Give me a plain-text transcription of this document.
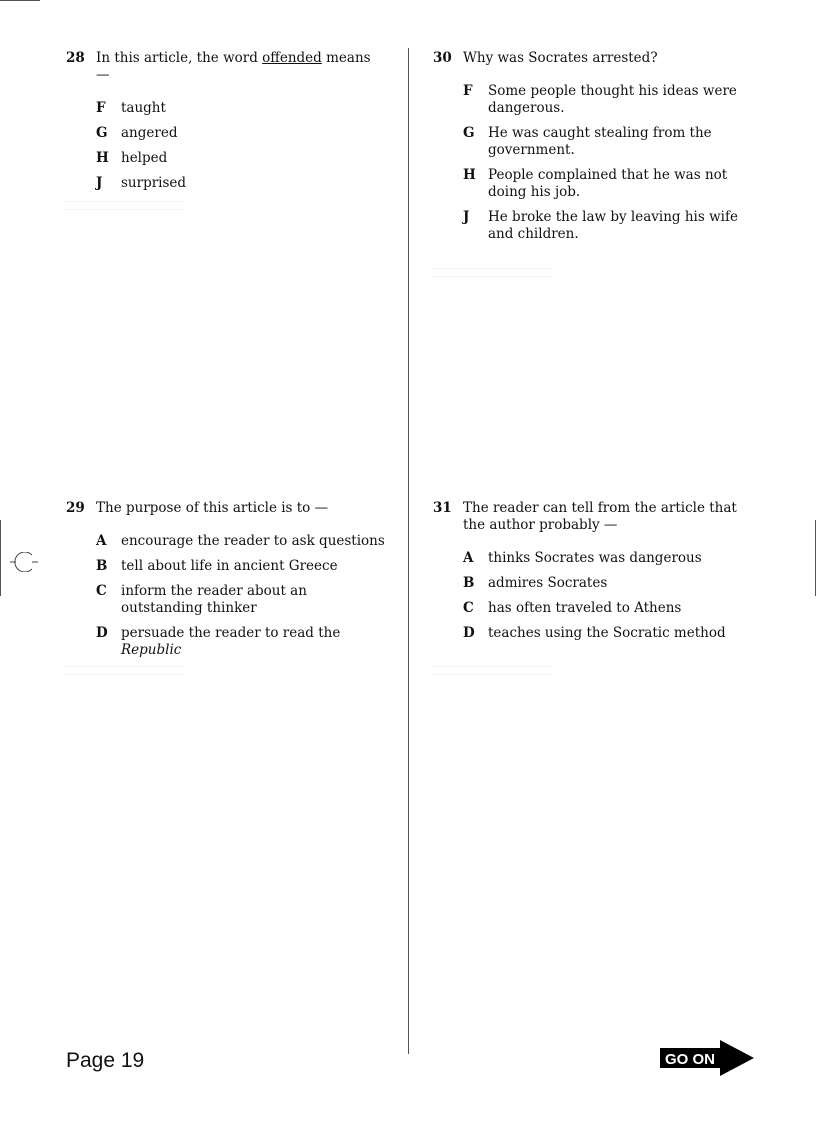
28 In this article, the word offended means —
F	taught
G angered
H helped
J	surprised
30 Why was Socrates arrested?
F	Some people thought his ideas were dangerous.
G He was caught stealing from the government.
H People complained that he was not doing his job.
J	He broke the law by leaving his wife and children.
29 The purpose of this article is to —
A	encourage the reader to ask questions
B	tell about life in ancient Greece
C	inform the reader about an outstanding thinker
D persuade the reader to read the Republic
31 The reader can tell from the article that the author probably —
A	thinks Socrates was dangerous
B	admires Socrates
C	has often traveled to Athens
D teaches using the Socratic method
Page 19	GO ON
